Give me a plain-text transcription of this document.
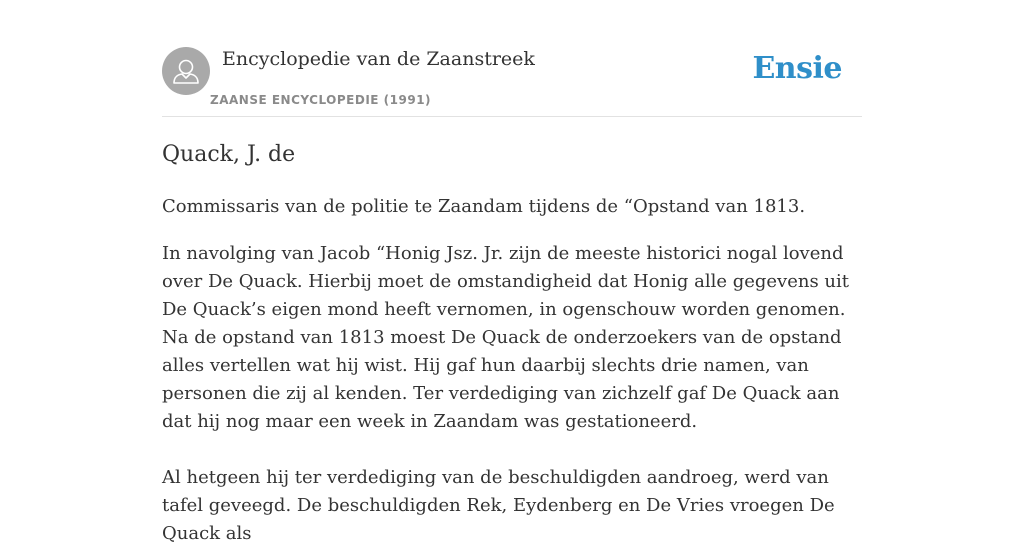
Encyclopedie van de Zaanstreek
ZAANSE ENCYCLOPEDIE (1991)
Ensie
Quack, J. de

Commissaris van de politie te Zaandam tijdens de “Opstand van 1813.

In navolging van Jacob “Honig Jsz. Jr. zijn de meeste historici nogal lovend over De Quack. Hierbij moet de omstandigheid dat Honig alle gegevens uit De Quack’s eigen mond heeft vernomen, in ogenschouw worden genomen. Na de opstand van 1813 moest De Quack de onderzoekers van de opstand alles vertellen wat hij wist. Hij gaf hun daarbij slechts drie namen, van personen die zij al kenden. Ter verdediging van zichzelf gaf De Quack aan dat hij nog maar een week in Zaandam was gestationeerd.

Al hetgeen hij ter verdediging van de beschuldigden aandroeg, werd van tafel geveegd. De beschuldigden Rek, Eydenberg en De Vries vroegen De Quack als
